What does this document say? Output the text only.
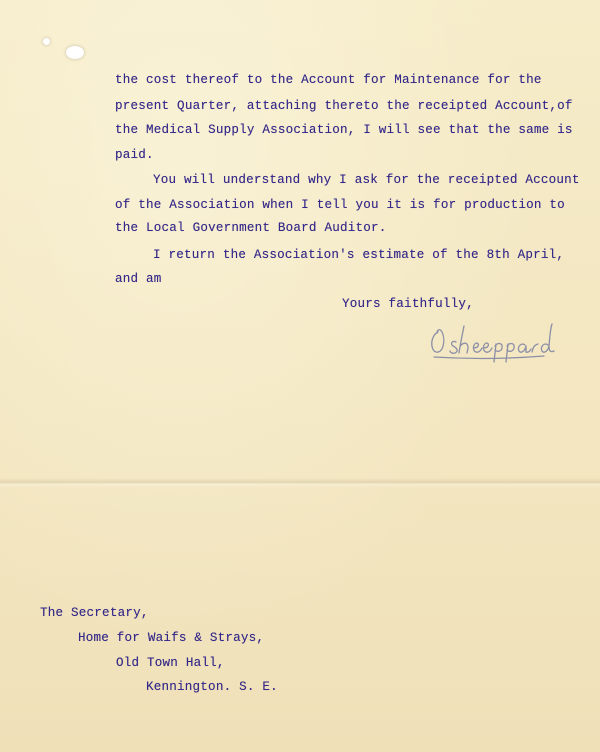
the cost thereof to the Account for Maintenance for the
present Quarter, attaching thereto the receipted Account,of
the Medical Supply Association, I will see that the same is
paid.
You will understand why I ask for the receipted Account
of the Association when I tell you it is for production to
the Local Government Board Auditor.
I return the Association's estimate of the 8th April,
and am
Yours faithfully,
The Secretary,
Home for Waifs & Strays,
Old Town Hall,
Kennington. S. E.
